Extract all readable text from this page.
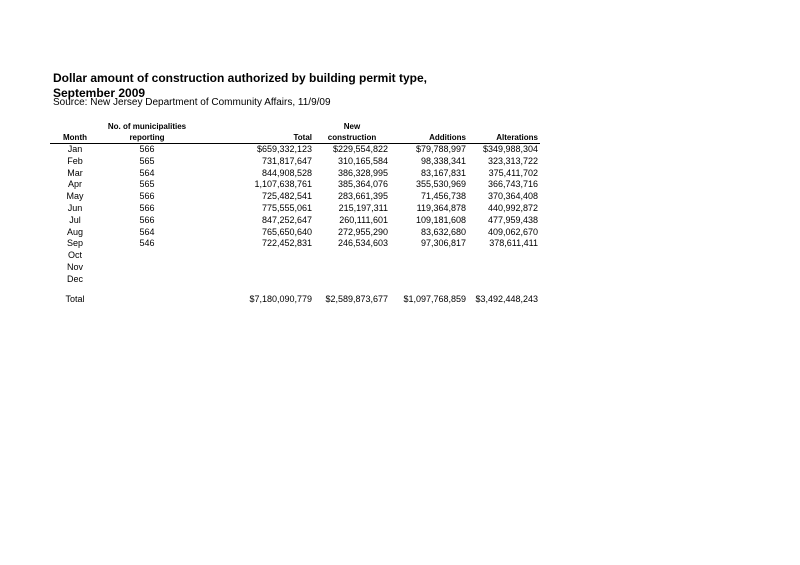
Dollar amount of construction authorized by building permit type,
September 2009
Source: New Jersey Department of Community Affairs, 11/9/09
	No. of municipalities		New		
Month	reporting	Total	construction	Additions	Alterations
Jan	566	$659,332,123	$229,554,822	$79,788,997	$349,988,304
Feb	565	731,817,647	310,165,584	98,338,341	323,313,722
Mar	564	844,908,528	386,328,995	83,167,831	375,411,702
Apr	565	1,107,638,761	385,364,076	355,530,969	366,743,716
May	566	725,482,541	283,661,395	71,456,738	370,364,408
Jun	566	775,555,061	215,197,311	119,364,878	440,992,872
Jul	566	847,252,647	260,111,601	109,181,608	477,959,438
Aug	564	765,650,640	272,955,290	83,632,680	409,062,670
Sep	546	722,452,831	246,534,603	97,306,817	378,611,411
Oct					
Nov					
Dec					

Total		$7,180,090,779	$2,589,873,677	$1,097,768,859	$3,492,448,243
